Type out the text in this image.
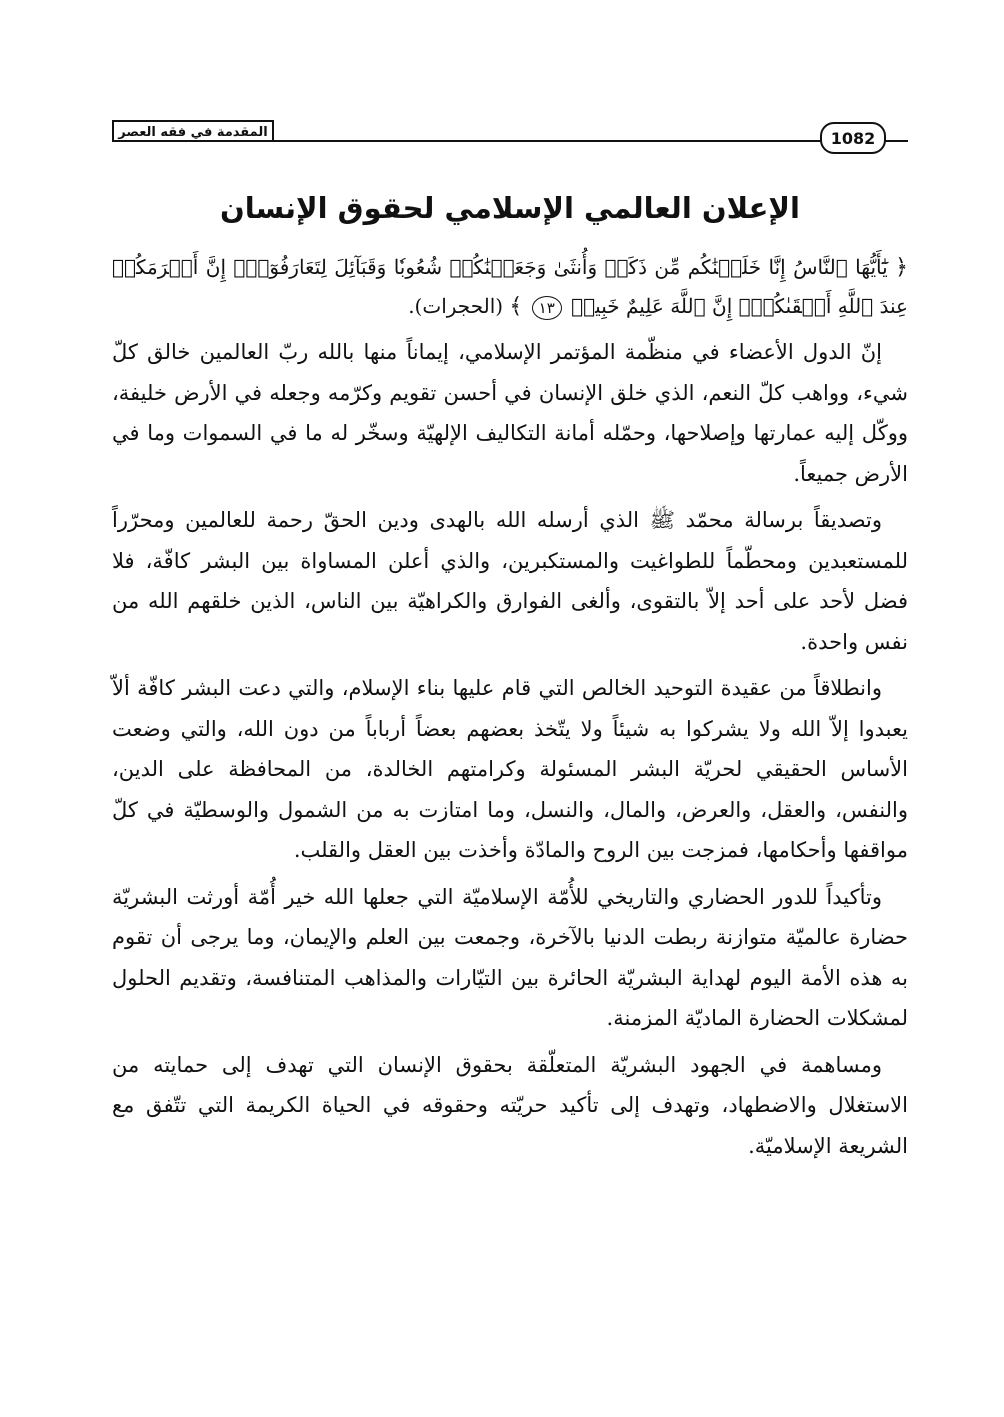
المقدمة في فقه العصر	1082
الإعلان العالمي الإسلامي لحقوق الإنسان

﴿ يَٰٓأَيُّهَا ٱلنَّاسُ إِنَّا خَلَقۡنَٰكُم مِّن ذَكَرٖ وَأُنثَىٰ وَجَعَلۡنَٰكُمۡ شُعُوبٗا وَقَبَآئِلَ لِتَعَارَفُوٓاْۚ إِنَّ أَكۡرَمَكُمۡ عِندَ ٱللَّهِ أَتۡقَىٰكُمۡۚ إِنَّ ٱللَّهَ عَلِيمٌ خَبِيرٞ ١٣ ﴾ (الحجرات).

إنّ الدول الأعضاء في منظّمة المؤتمر الإسلامي، إيماناً منها بالله ربّ العالمين خالق كلّ شيء، وواهب كلّ النعم، الذي خلق الإنسان في أحسن تقويم وكرّمه وجعله في الأرض خليفة، ووكّل إليه عمارتها وإصلاحها، وحمّله أمانة التكاليف الإلهيّة وسخّر له ما في السموات وما في الأرض جميعاً.

وتصديقاً برسالة محمّد ﷺ الذي أرسله الله بالهدى ودين الحقّ رحمة للعالمين ومحرّراً للمستعبدين ومحطّماً للطواغيت والمستكبرين، والذي أعلن المساواة بين البشر كافّة، فلا فضل لأحد على أحد إلاّ بالتقوى، وألغى الفوارق والكراهيّة بين الناس، الذين خلقهم الله من نفس واحدة.

وانطلاقاً من عقيدة التوحيد الخالص التي قام عليها بناء الإسلام، والتي دعت البشر كافّة ألاّ يعبدوا إلاّ الله ولا يشركوا به شيئاً ولا يتّخذ بعضهم بعضاً أرباباً من دون الله، والتي وضعت الأساس الحقيقي لحريّة البشر المسئولة وكرامتهم الخالدة، من المحافظة على الدين، والنفس، والعقل، والعرض، والمال، والنسل، وما امتازت به من الشمول والوسطيّة في كلّ مواقفها وأحكامها، فمزجت بين الروح والمادّة وأخذت بين العقل والقلب.

وتأكيداً للدور الحضاري والتاريخي للأُمّة الإسلاميّة التي جعلها الله خير أُمّة أورثت البشريّة حضارة عالميّة متوازنة ربطت الدنيا بالآخرة، وجمعت بين العلم والإيمان، وما يرجى أن تقوم به هذه الأمة اليوم لهداية البشريّة الحائرة بين التيّارات والمذاهب المتنافسة، وتقديم الحلول لمشكلات الحضارة الماديّة المزمنة.

ومساهمة في الجهود البشريّة المتعلّقة بحقوق الإنسان التي تهدف إلى حمايته من الاستغلال والاضطهاد، وتهدف إلى تأكيد حريّته وحقوقه في الحياة الكريمة التي تتّفق مع الشريعة الإسلاميّة.
